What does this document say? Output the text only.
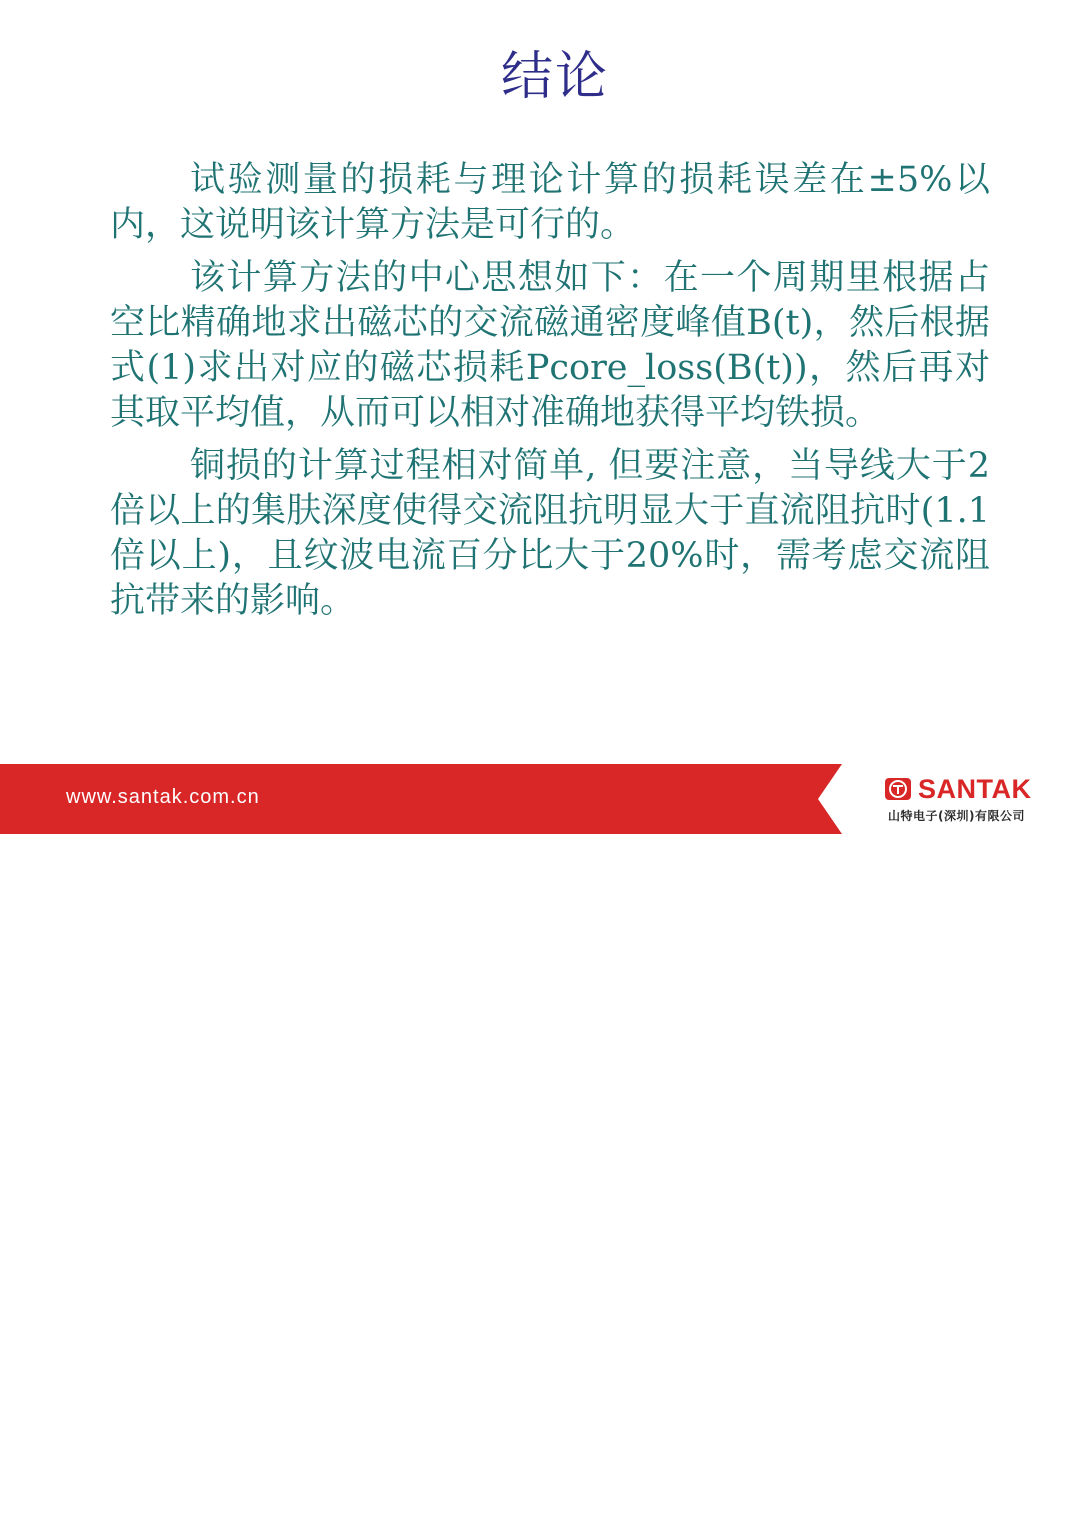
结论

试验测量的损耗与理论计算的损耗误差在±5%以内，这说明该计算方法是可行的。

该计算方法的中心思想如下：在一个周期里根据占空比精确地求出磁芯的交流磁通密度峰值B(t)，然后根据式(1)求出对应的磁芯损耗Pcore_loss(B(t))，然后再对其取平均值，从而可以相对准确地获得平均铁损。

铜损的计算过程相对简单, 但要注意，当导线大于2倍以上的集肤深度使得交流阻抗明显大于直流阻抗时(1.1倍以上)，且纹波电流百分比大于20%时，需考虑交流阻抗带来的影响。

www.santak.com.cn	SANTAK
山特电子(深圳)有限公司
